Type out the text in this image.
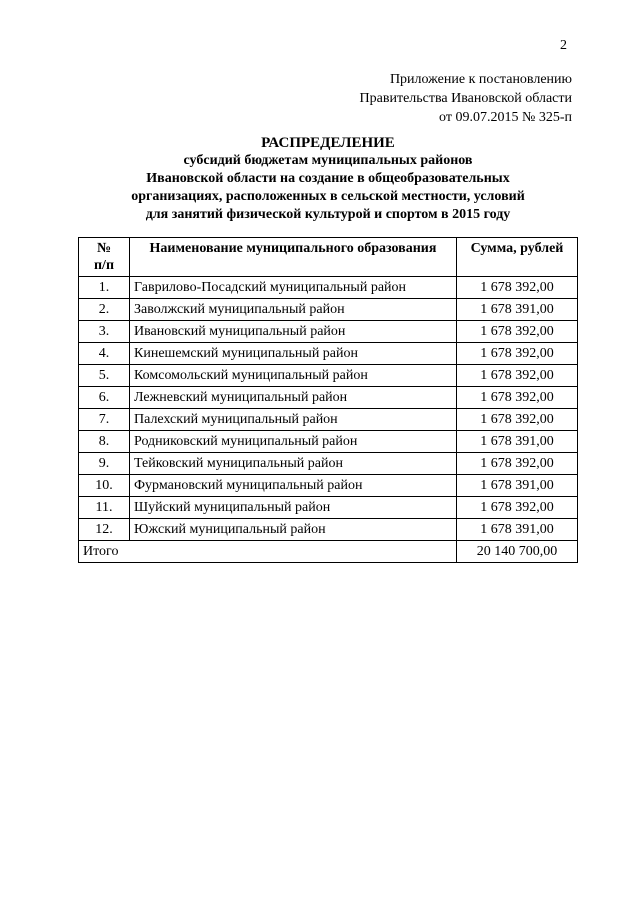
2
Приложение к постановлению
Правительства Ивановской области
от 09.07.2015 № 325-п
РАСПРЕДЕЛЕНИЕ
субсидий бюджетам муниципальных районов
Ивановской области на создание в общеобразовательных
организациях, расположенных в сельской местности, условий
для занятий физической культурой и спортом в 2015 году
№
п/п	Наименование муниципального образования	Сумма, рублей
1.	Гаврилово-Посадский муниципальный район	1 678 392,00
2.	Заволжский муниципальный район	1 678 391,00
3.	Ивановский муниципальный район	1 678 392,00
4.	Кинешемский муниципальный район	1 678 392,00
5.	Комсомольский муниципальный район	1 678 392,00
6.	Лежневский муниципальный район	1 678 392,00
7.	Палехский муниципальный район	1 678 392,00
8.	Родниковский муниципальный район	1 678 391,00
9.	Тейковский муниципальный район	1 678 392,00
10.	Фурмановский муниципальный район	1 678 391,00
11.	Шуйский муниципальный район	1 678 392,00
12.	Южский муниципальный район	1 678 391,00
Итого		20 140 700,00
